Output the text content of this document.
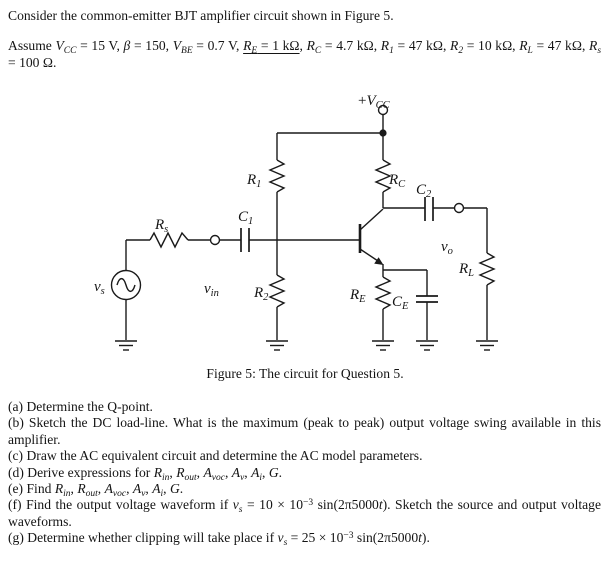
Consider the common-emitter BJT amplifier circuit shown in Figure 5.

Assume $V_{CC} = 15$ V, β = 150, $V_{BE} = 0.7$ V, $R_E = 1$ kΩ, $R_C = 4.7$ kΩ, $R_1 = 47$ kΩ, $R_2 = 10$ kΩ, $R_L = 47$ kΩ, $R_s = 100$ Ω.

$+V_{CC}$
$R_1$	$R_C$ $C_2$
$v_o$
$R_L$
$v_s$
$R_s$
$v_{in}$
$C_1$
$R_2$	$R_E$ $C_E$
Figure 5: The circuit for Question 5.
(a) Determine the Q-point.
(b) Sketch the DC load-line. What is the maximum (peak to peak) output voltage swing available in this amplifier.
(c) Draw the AC equivalent circuit and determine the AC model parameters.
(d) Derive expressions for $R_{in}$, $R_{out}$, $A_{voc}$, $A_v$, $A_i$, G.
(e) Find $R_{in}$, $R_{out}$, $A_{voc}$, $A_v$, $A_i$, G.
(f) Find the output voltage waveform if $v_s = 10 \times 10^{-3}$ sin(2π5000t). Sketch the source and output voltage waveforms.
(g) Determine whether clipping will take place if $v_s = 25 \times 10^{-3}$ sin(2π5000t).
